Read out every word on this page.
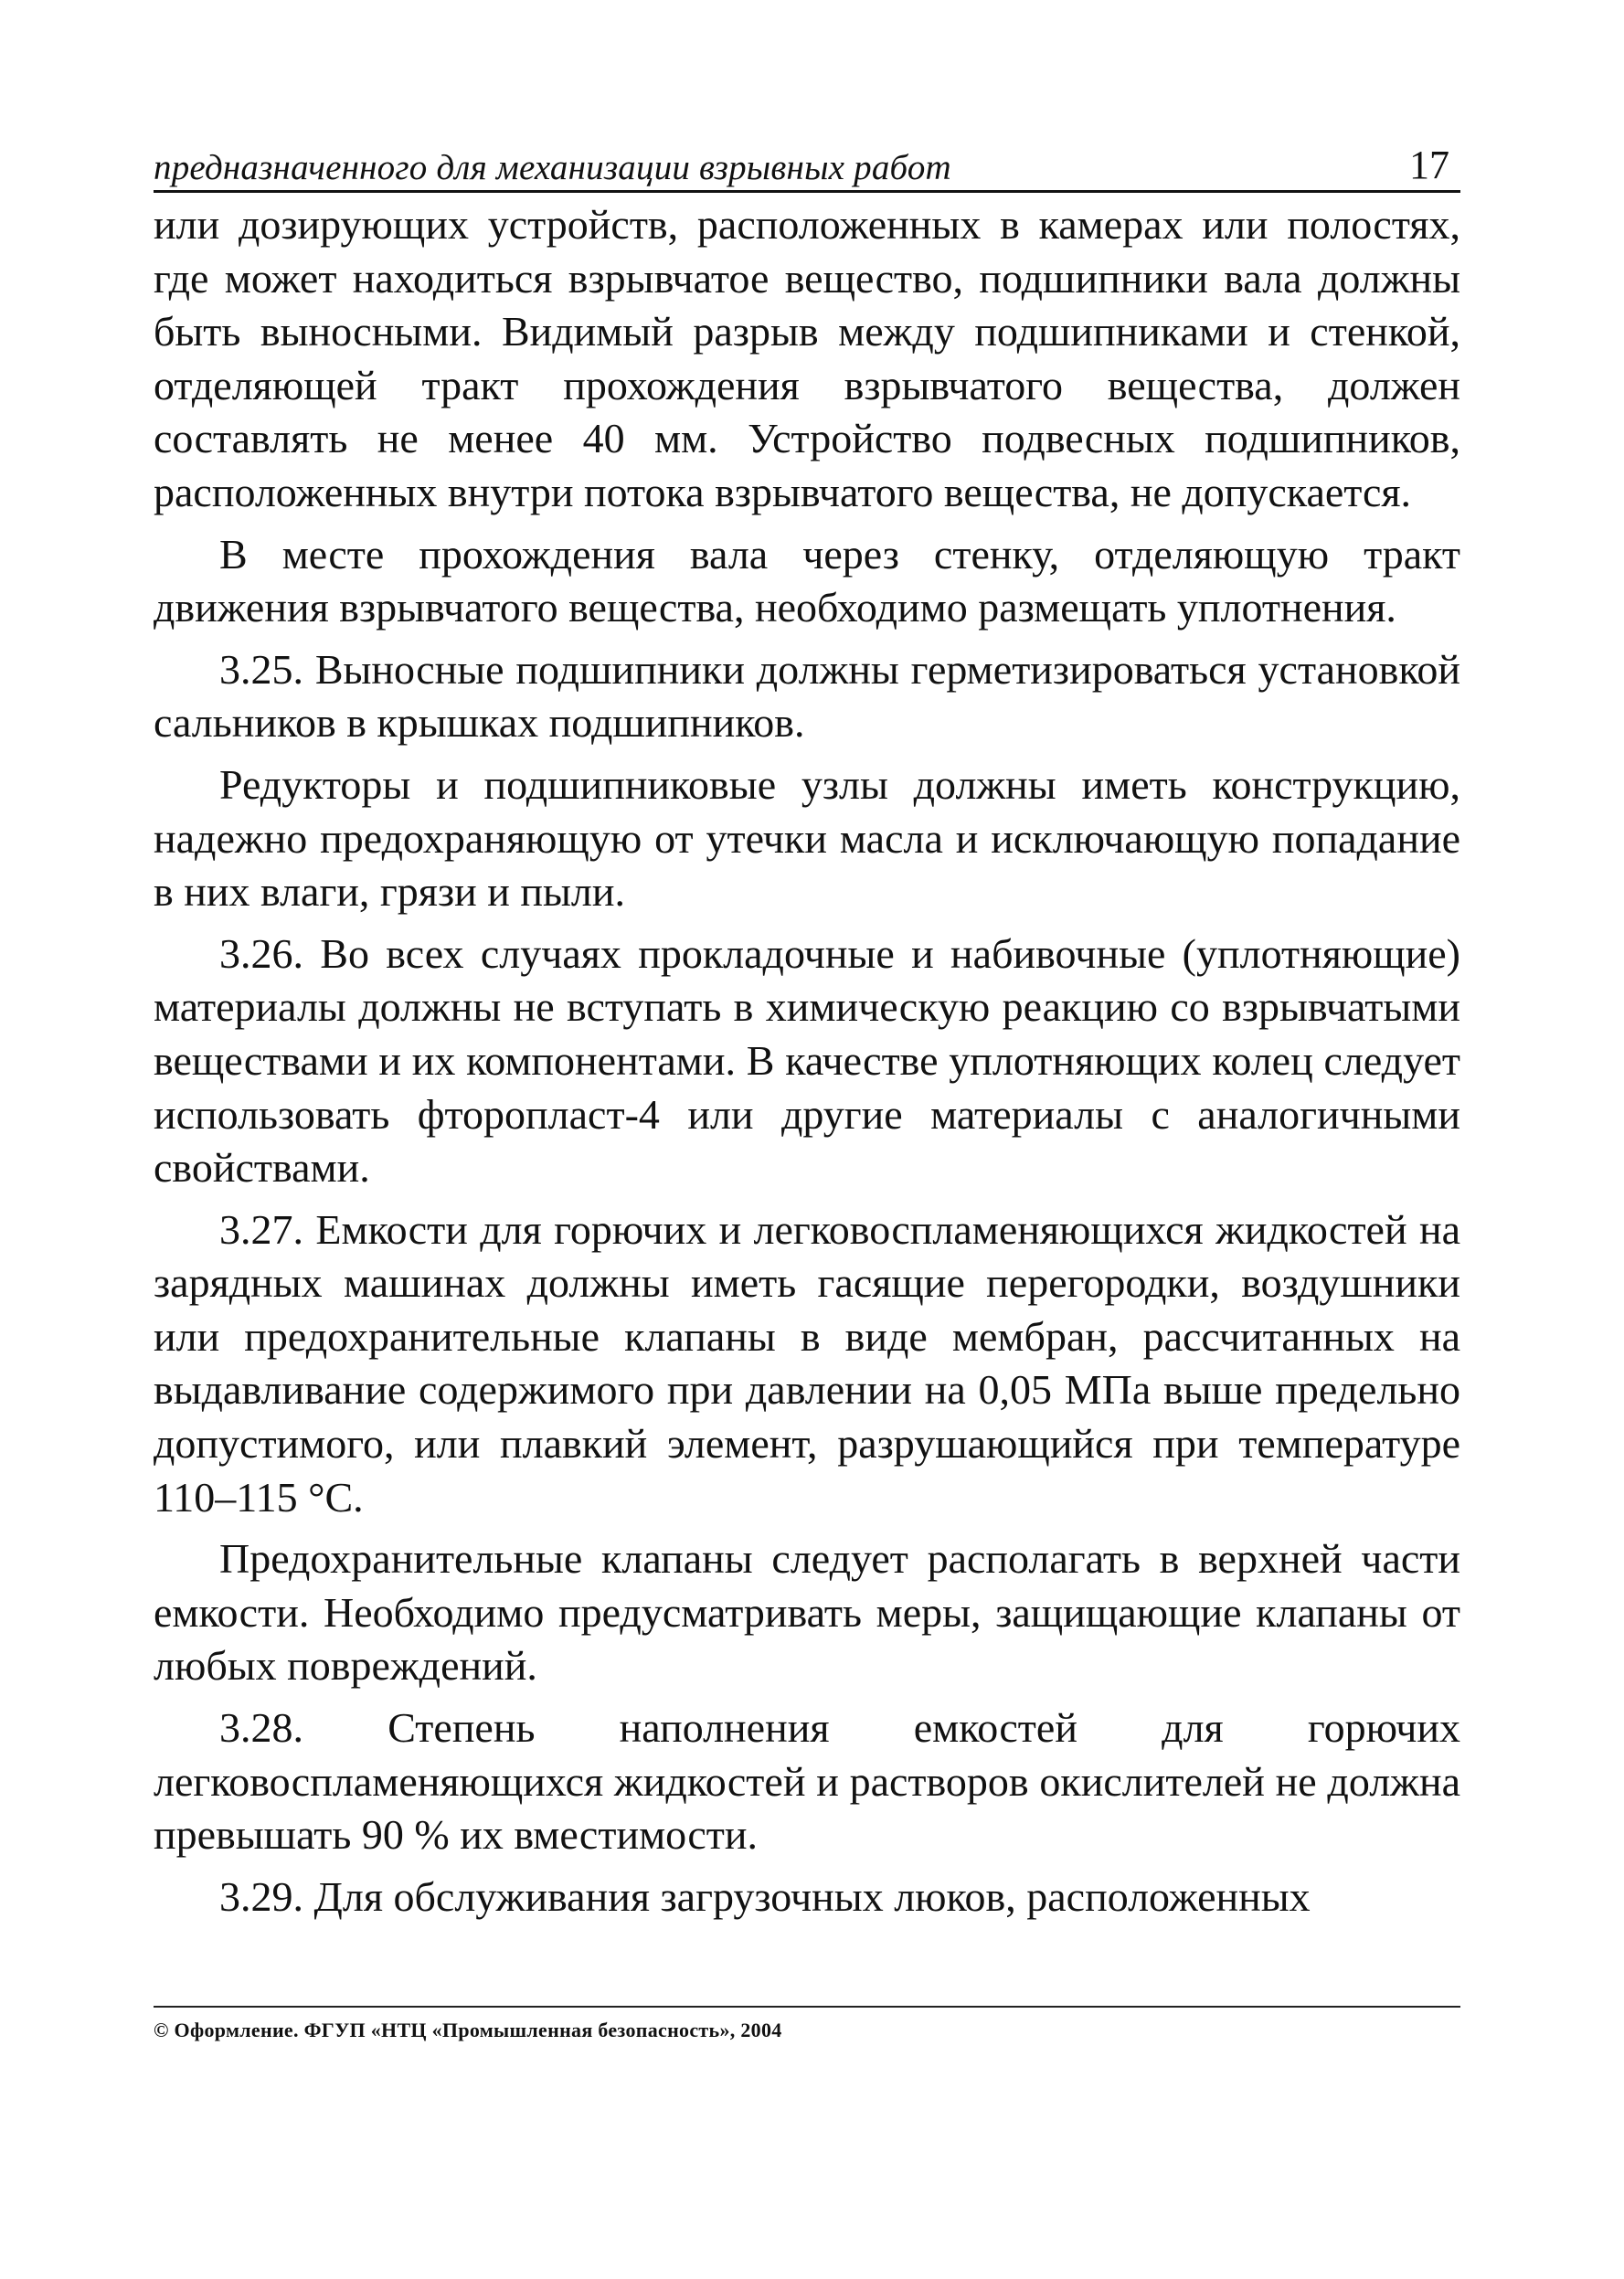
предназначенного для механизации взрывных работ	17

или дозирующих устройств, расположенных в камерах или полостях, где может находиться взрывчатое вещество, подшипники вала должны быть выносными. Видимый разрыв между подшипниками и стенкой, отделяющей тракт прохождения взрывчатого вещества, должен составлять не менее 40 мм. Устройство подвесных подшипников, расположенных внутри потока взрывчатого вещества, не допускается.

В месте прохождения вала через стенку, отделяющую тракт движения взрывчатого вещества, необходимо размещать уплотнения.

3.25. Выносные подшипники должны герметизироваться установкой сальников в крышках подшипников.

Редукторы и подшипниковые узлы должны иметь конструкцию, надежно предохраняющую от утечки масла и исключающую попадание в них влаги, грязи и пыли.

3.26. Во всех случаях прокладочные и набивочные (уплотняющие) материалы должны не вступать в химическую реакцию со взрывчатыми веществами и их компонентами. В качестве уплотняющих колец следует использовать фторопласт-4 или другие материалы с аналогичными свойствами.

3.27. Емкости для горючих и легковоспламеняющихся жидкостей на зарядных машинах должны иметь гасящие перегородки, воздушники или предохранительные клапаны в виде мембран, рассчитанных на выдавливание содержимого при давлении на 0,05 МПа выше предельно допустимого, или плавкий элемент, разрушающийся при температуре 110–115 °С.

Предохранительные клапаны следует располагать в верхней части емкости. Необходимо предусматривать меры, защищающие клапаны от любых повреждений.

3.28. Степень наполнения емкостей для горючих легковоспламеняющихся жидкостей и растворов окислителей не должна превышать 90 % их вместимости.

3.29. Для обслуживания загрузочных люков, расположенных

© Оформление. ФГУП «НТЦ «Промышленная безопасность», 2004
